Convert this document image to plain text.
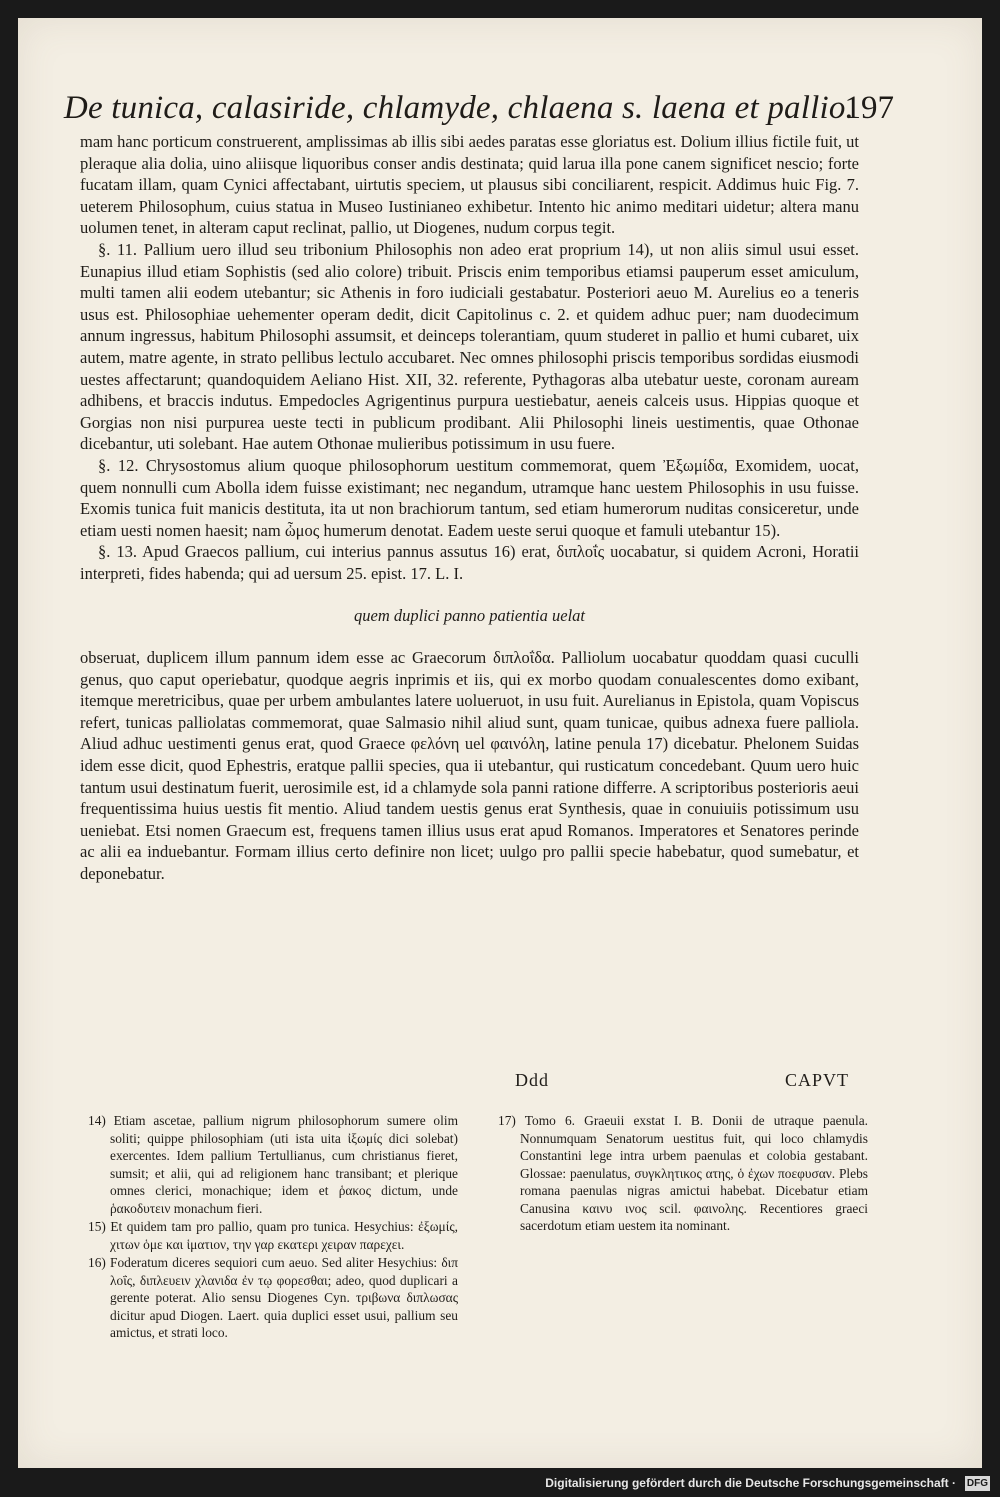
De tunica, calasiride, chlamyde, chlaena s. laena et pallio.
197

mam hanc porticum construerent, amplissimas ab illis sibi aedes paratas esse gloriatus est. Dolium illius fictile fuit, ut pleraque alia dolia, uino aliisque liquoribus conser andis destinata; quid larua illa pone canem significet nescio; forte fucatam illam, quam Cynici affectabant, uirtutis speciem, ut plausus sibi conciliarent, respicit. Addimus huic Fig. 7. ueterem Philosophum, cuius statua in Museo Iustinianeo exhibetur. Intento hic animo meditari uidetur; altera manu uolumen tenet, in alteram caput reclinat, pallio, ut Diogenes, nudum corpus tegit.

§. 11. Pallium uero illud seu tribonium Philosophis non adeo erat proprium 14), ut non aliis simul usui esset. Eunapius illud etiam Sophistis (sed alio colore) tribuit. Priscis enim temporibus etiamsi pauperum esset amiculum, multi tamen alii eodem utebantur; sic Athenis in foro iudiciali gestabatur. Posteriori aeuo M. Aurelius eo a teneris usus est. Philosophiae uehementer operam dedit, dicit Capitolinus c. 2. et quidem adhuc puer; nam duodecimum annum ingressus, habitum Philosophi assumsit, et deinceps tolerantiam, quum studeret in pallio et humi cubaret, uix autem, matre agente, in strato pellibus lectulo accubaret. Nec omnes philosophi priscis temporibus sordidas eiusmodi uestes affectarunt; quandoquidem Aeliano Hist. XII, 32. referente, Pythagoras alba utebatur ueste, coronam auream adhibens, et braccis indutus. Empedocles Agrigentinus purpura uestiebatur, aeneis calceis usus. Hippias quoque et Gorgias non nisi purpurea ueste tecti in publicum prodibant. Alii Philosophi lineis uestimentis, quae Othonae dicebantur, uti solebant. Hae autem Othonae mulieribus potissimum in usu fuere.

§. 12. Chrysostomus alium quoque philosophorum uestitum commemorat, quem Ἐξωμίδα, Exomidem, uocat, quem nonnulli cum Abolla idem fuisse existimant; nec negandum, utramque hanc uestem Philosophis in usu fuisse. Exomis tunica fuit manicis destituta, ita ut non brachiorum tantum, sed etiam humerorum nuditas consiceretur, unde etiam uesti nomen haesit; nam ὦμος humerum denotat. Eadem ueste serui quoque et famuli utebantur 15).

§. 13. Apud Graecos pallium, cui interius pannus assutus 16) erat, διπλοΐς uocabatur, si quidem Acroni, Horatii interpreti, fides habenda; qui ad uersum 25. epist. 17. L. I.

quem duplici panno patientia uelat

obseruat, duplicem illum pannum idem esse ac Graecorum διπλοΐδα. Palliolum uocabatur quoddam quasi cuculli genus, quo caput operiebatur, quodque aegris inprimis et iis, qui ex morbo quodam conualescentes domo exibant, itemque meretricibus, quae per urbem ambulantes latere uolueruot, in usu fuit. Aurelianus in Epistola, quam Vopiscus refert, tunicas palliolatas commemorat, quae Salmasio nihil aliud sunt, quam tunicae, quibus adnexa fuere palliola. Aliud adhuc uestimenti genus erat, quod Graece φελόνη uel φαινόλη, latine penula 17) dicebatur. Phelonem Suidas idem esse dicit, quod Ephestris, eratque pallii species, qua ii utebantur, qui rusticatum concedebant. Quum uero huic tantum usui destinatum fuerit, uerosimile est, id a chlamyde sola panni ratione differre. A scriptoribus posterioris aeui frequentissima huius uestis fit mentio. Aliud tandem uestis genus erat Synthesis, quae in conuiuiis potissimum usu ueniebat. Etsi nomen Graecum est, frequens tamen illius usus erat apud Romanos. Imperatores et Senatores perinde ac alii ea induebantur. Formam illius certo definire non licet; uulgo pro pallii specie habebatur, quod sumebatur, et deponebatur.

Ddd	CAPVT

14) Etiam ascetae, pallium nigrum philosophorum sumere olim soliti; quippe philosophiam (uti ista uita ἰξωμίς dici solebat) exercentes. Idem pallium Tertullianus, cum christianus fieret, sumsit; et alii, qui ad religionem hanc transibant; et plerique omnes clerici, monachique; idem et ῥακος dictum, unde ῥακοδυτειν monachum fieri.

15) Et quidem tam pro pallio, quam pro tunica. Hesychius: ἐξωμίς, χιτων ὁμε και ἱματιον, την γαρ εκατερι χειραν παρεχει.

16) Foderatum diceres sequiori cum aeuo. Sed aliter Hesychius: διπ λοΐς, διπλευειν χλανιδα ἐν τῳ φορεσθαι; adeo, quod duplicari a gerente poterat. Alio sensu Diogenes Cyn. τριβωνα διπλωσας dicitur apud Diogen. Laert. quia duplici esset usui, pallium seu amictus, et strati loco.

17) Tomo 6. Graeuii exstat I. B. Donii de utraque paenula. Nonnumquam Senatorum uestitus fuit, qui loco chlamydis Constantini lege intra urbem paenulas et colobia gestabant. Glossae: paenulatus, συγκλητικος ατης, ὁ ἐχων ποεφυσαν. Plebs romana paenulas nigras amictui habebat. Dicebatur etiam Canusina καινυ ινος scil. φαινολης. Recentiores graeci sacerdotum etiam uestem ita nominant.

Digitalisierung gefördert durch die Deutsche Forschungsgemeinschaft · DFG
